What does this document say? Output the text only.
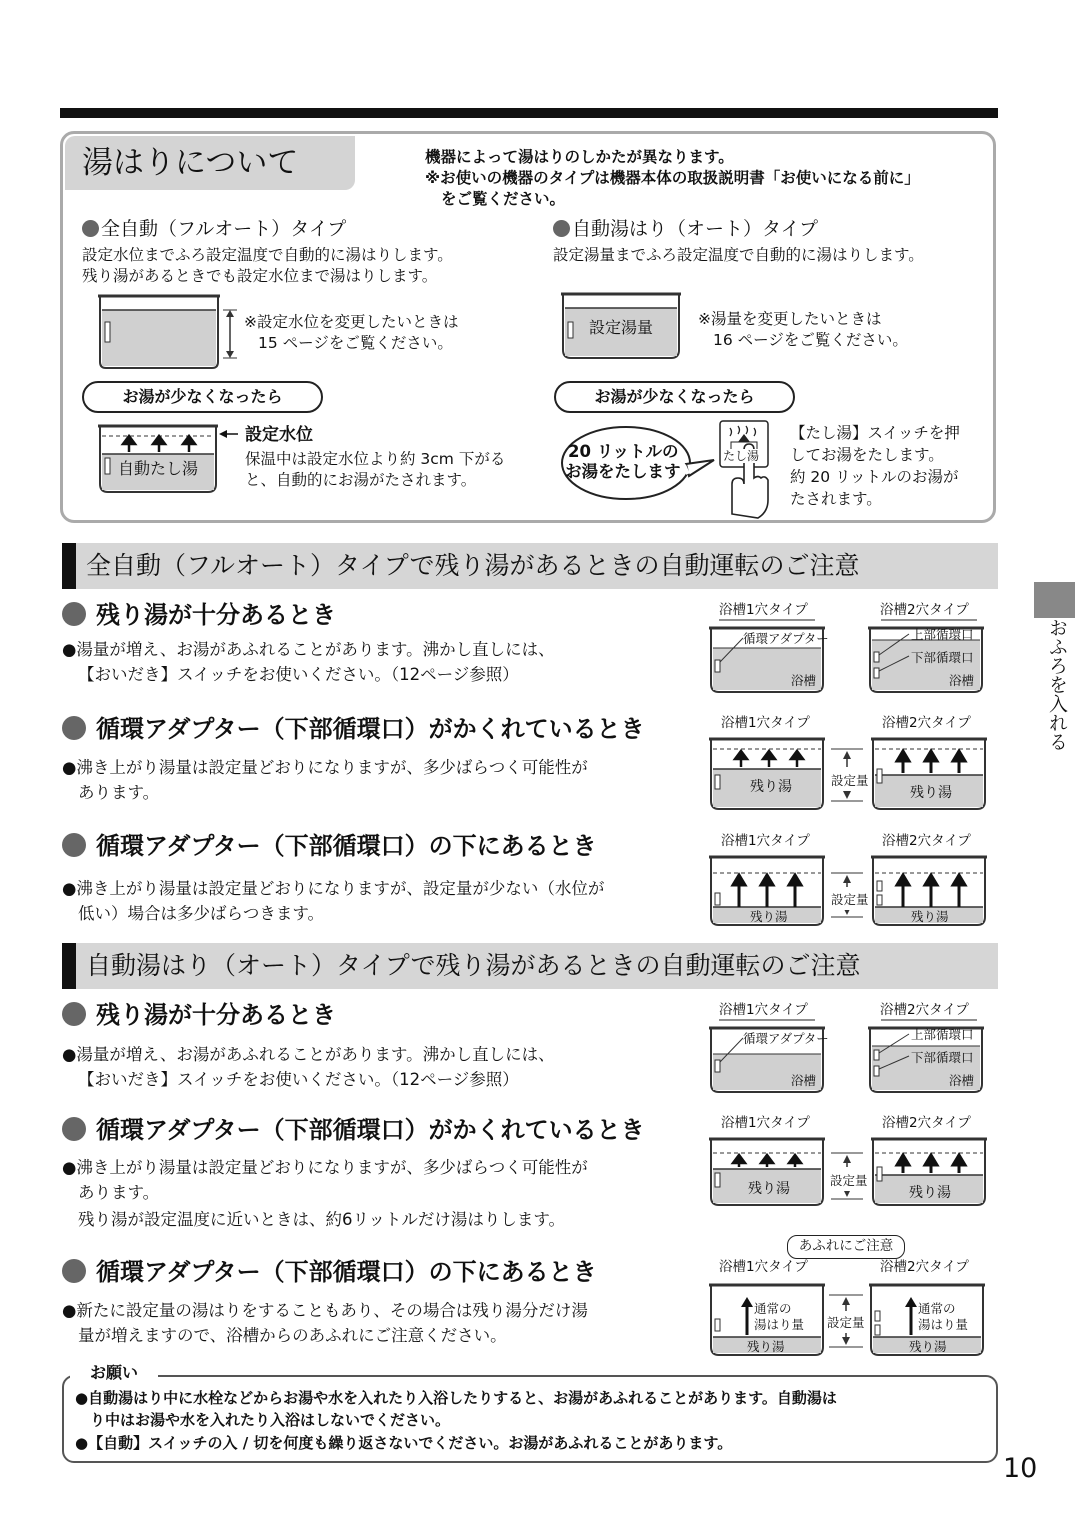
湯はりについて	機器によって湯はりのしかたが異なります。
※お使いの機器のタイプは機器本体の取扱説明書「お使いになる前に」
をご覧ください。
全自動（フルオート）タイプ
設定水位までふろ設定温度で自動的に湯はりします。
残り湯があるときでも設定水位まで湯はりします。
※設定水位を変更したいときは
15 ページをご覧ください。
お湯が少なくなったら
自動たし湯
設定水位
保温中は設定水位より約 3cm 下がる
と、自動的にお湯がたされます。
自動湯はり（オート）タイプ
設定湯量までふろ設定温度で自動的に湯はりします。
設定湯量	※湯量を変更したいときは
16 ページをご覧ください。
お湯が少なくなったら
20 リットルの
お湯をたします
たし湯
【たし湯】スイッチを押
してお湯をたします。
約 20 リットルのお湯が
たされます。
全自動（フルオート）タイプで残り湯があるときの自動運転のご注意
残り湯が十分あるとき
●湯量が増え、お湯があふれることがあります。沸かし直しには、
【おいだき】スイッチをお使いください。（12ページ参照）
循環アダプター（下部循環口）がかくれているとき
●沸き上がり湯量は設定量どおりになりますが、多少ばらつく可能性が
あります。
循環アダプター（下部循環口）の下にあるとき
●沸き上がり湯量は設定量どおりになりますが、設定量が少ない（水位が
低い）場合は多少ばらつきます。
自動湯はり（オート）タイプで残り湯があるときの自動運転のご注意
残り湯が十分あるとき
●湯量が増え、お湯があふれることがあります。沸かし直しには、
【おいだき】スイッチをお使いください。（12ページ参照）
循環アダプター（下部循環口）がかくれているとき
●沸き上がり湯量は設定量どおりになりますが、多少ばらつく可能性が
あります。
残り湯が設定温度に近いときは、約6リットルだけ湯はりします。
循環アダプター（下部循環口）の下にあるとき
●新たに設定量の湯はりをすることもあり、その場合は残り湯分だけ湯
量が増えますので、浴槽からのあふれにご注意ください。
浴槽1穴タイプ	浴槽2穴タイプ
循環アダプター	上部循環口
下部循環口
浴槽	浴槽
浴槽1穴タイプ	浴槽2穴タイプ
残り湯	残り湯
設定量
浴槽1穴タイプ	浴槽2穴タイプ
残り湯	残り湯
設定量
浴槽1穴タイプ	浴槽2穴タイプ
循環アダプター	上部循環口
下部循環口
浴槽	浴槽
浴槽1穴タイプ	浴槽2穴タイプ
残り湯	残り湯
設定量
あふれにご注意
浴槽1穴タイプ	浴槽2穴タイプ
通常の
湯はり量
通常の
湯はり量
残り湯	残り湯
設定量
お願い
●自動湯はり中に水栓などからお湯や水を入れたり入浴したりすると、お湯があふれることがあります。自動湯は
り中はお湯や水を入れたり入浴はしないでください。
●【自動】スイッチの入 / 切を何度も繰り返さないでください。お湯があふれることがあります。
おふろを入れる
10
